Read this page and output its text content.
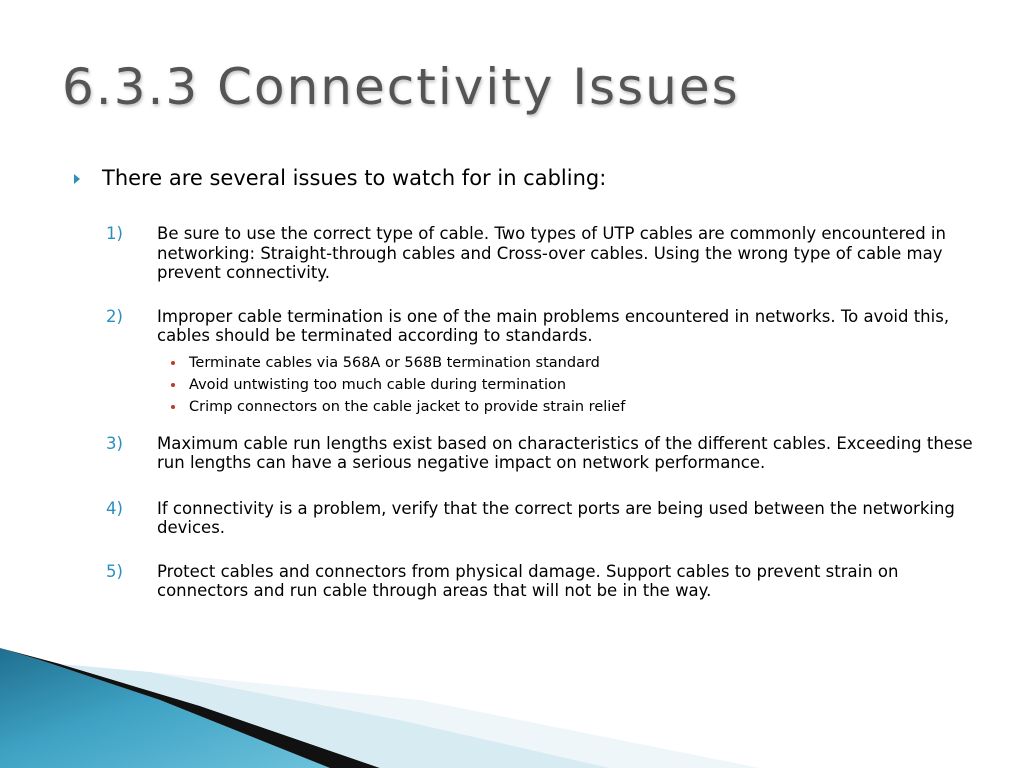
6.3.3 Connectivity Issues
There are several issues to watch for in cabling:
1)	Be sure to use the correct type of cable. Two types of UTP cables are commonly encountered in networking: Straight-through cables and Cross-over cables. Using the wrong type of cable may prevent connectivity.
2)	Improper cable termination is one of the main problems encountered in networks. To avoid this, cables should be terminated according to standards.
Terminate cables via 568A or 568B termination standard
Avoid untwisting too much cable during termination
Crimp connectors on the cable jacket to provide strain relief
3)	Maximum cable run lengths exist based on characteristics of the different cables. Exceeding these run lengths can have a serious negative impact on network performance.
4)	If connectivity is a problem, verify that the correct ports are being used between the networking devices.
5)	Protect cables and connectors from physical damage. Support cables to prevent strain on connectors and run cable through areas that will not be in the way.
